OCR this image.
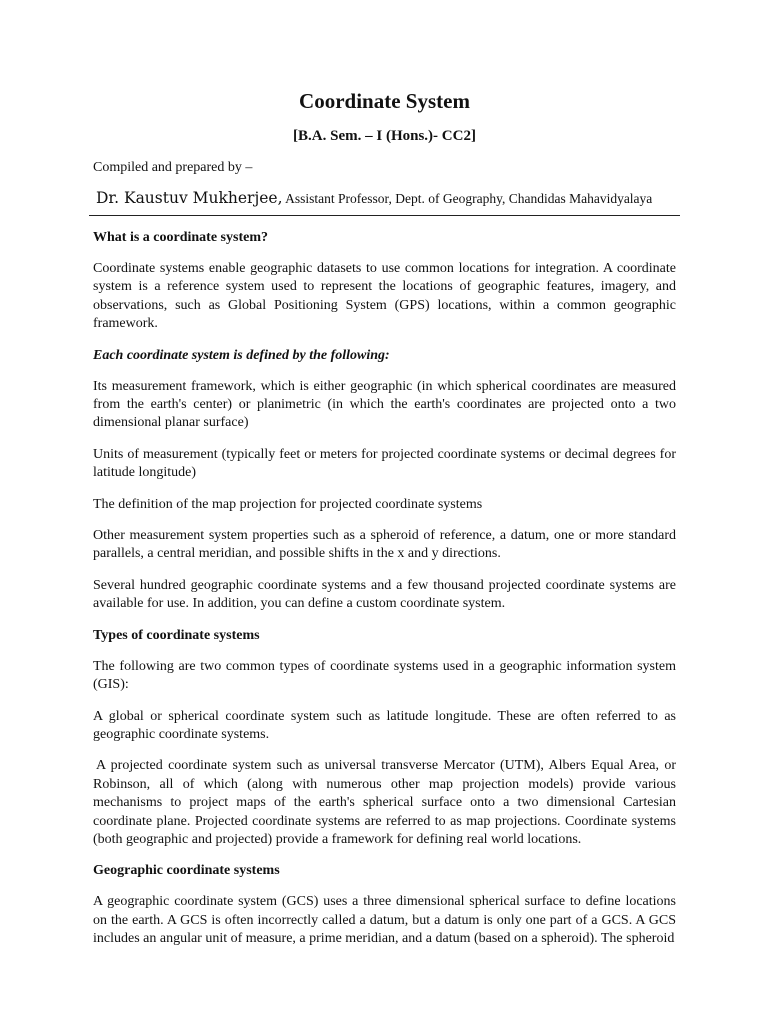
Coordinate System

[B.A. Sem. – I (Hons.)- CC2]

Compiled and prepared by –

Dr. Kaustuv Mukherjee, Assistant Professor, Dept. of Geography, Chandidas Mahavidyalaya
What is a coordinate system?

Coordinate systems enable geographic datasets to use common locations for integration. A coordinate system is a reference system used to represent the locations of geographic features, imagery, and observations, such as Global Positioning System (GPS) locations, within a common geographic framework.

Each coordinate system is defined by the following:

Its measurement framework, which is either geographic (in which spherical coordinates are measured from the earth's center) or planimetric (in which the earth's coordinates are projected onto a two dimensional planar surface)

Units of measurement (typically feet or meters for projected coordinate systems or decimal degrees for latitude longitude)

The definition of the map projection for projected coordinate systems

Other measurement system properties such as a spheroid of reference, a datum, one or more standard parallels, a central meridian, and possible shifts in the x and y directions.

Several hundred geographic coordinate systems and a few thousand projected coordinate systems are available for use. In addition, you can define a custom coordinate system.

Types of coordinate systems

The following are two common types of coordinate systems used in a geographic information system (GIS):

A global or spherical coordinate system such as latitude longitude. These are often referred to as geographic coordinate systems.

A projected coordinate system such as universal transverse Mercator (UTM), Albers Equal Area, or Robinson, all of which (along with numerous other map projection models) provide various mechanisms to project maps of the earth's spherical surface onto a two dimensional Cartesian coordinate plane. Projected coordinate systems are referred to as map projections. Coordinate systems (both geographic and projected) provide a framework for defining real world locations.

Geographic coordinate systems

A geographic coordinate system (GCS) uses a three dimensional spherical surface to define locations on the earth. A GCS is often incorrectly called a datum, but a datum is only one part of a GCS. A GCS includes an angular unit of measure, a prime meridian, and a datum (based on a spheroid). The spheroid
